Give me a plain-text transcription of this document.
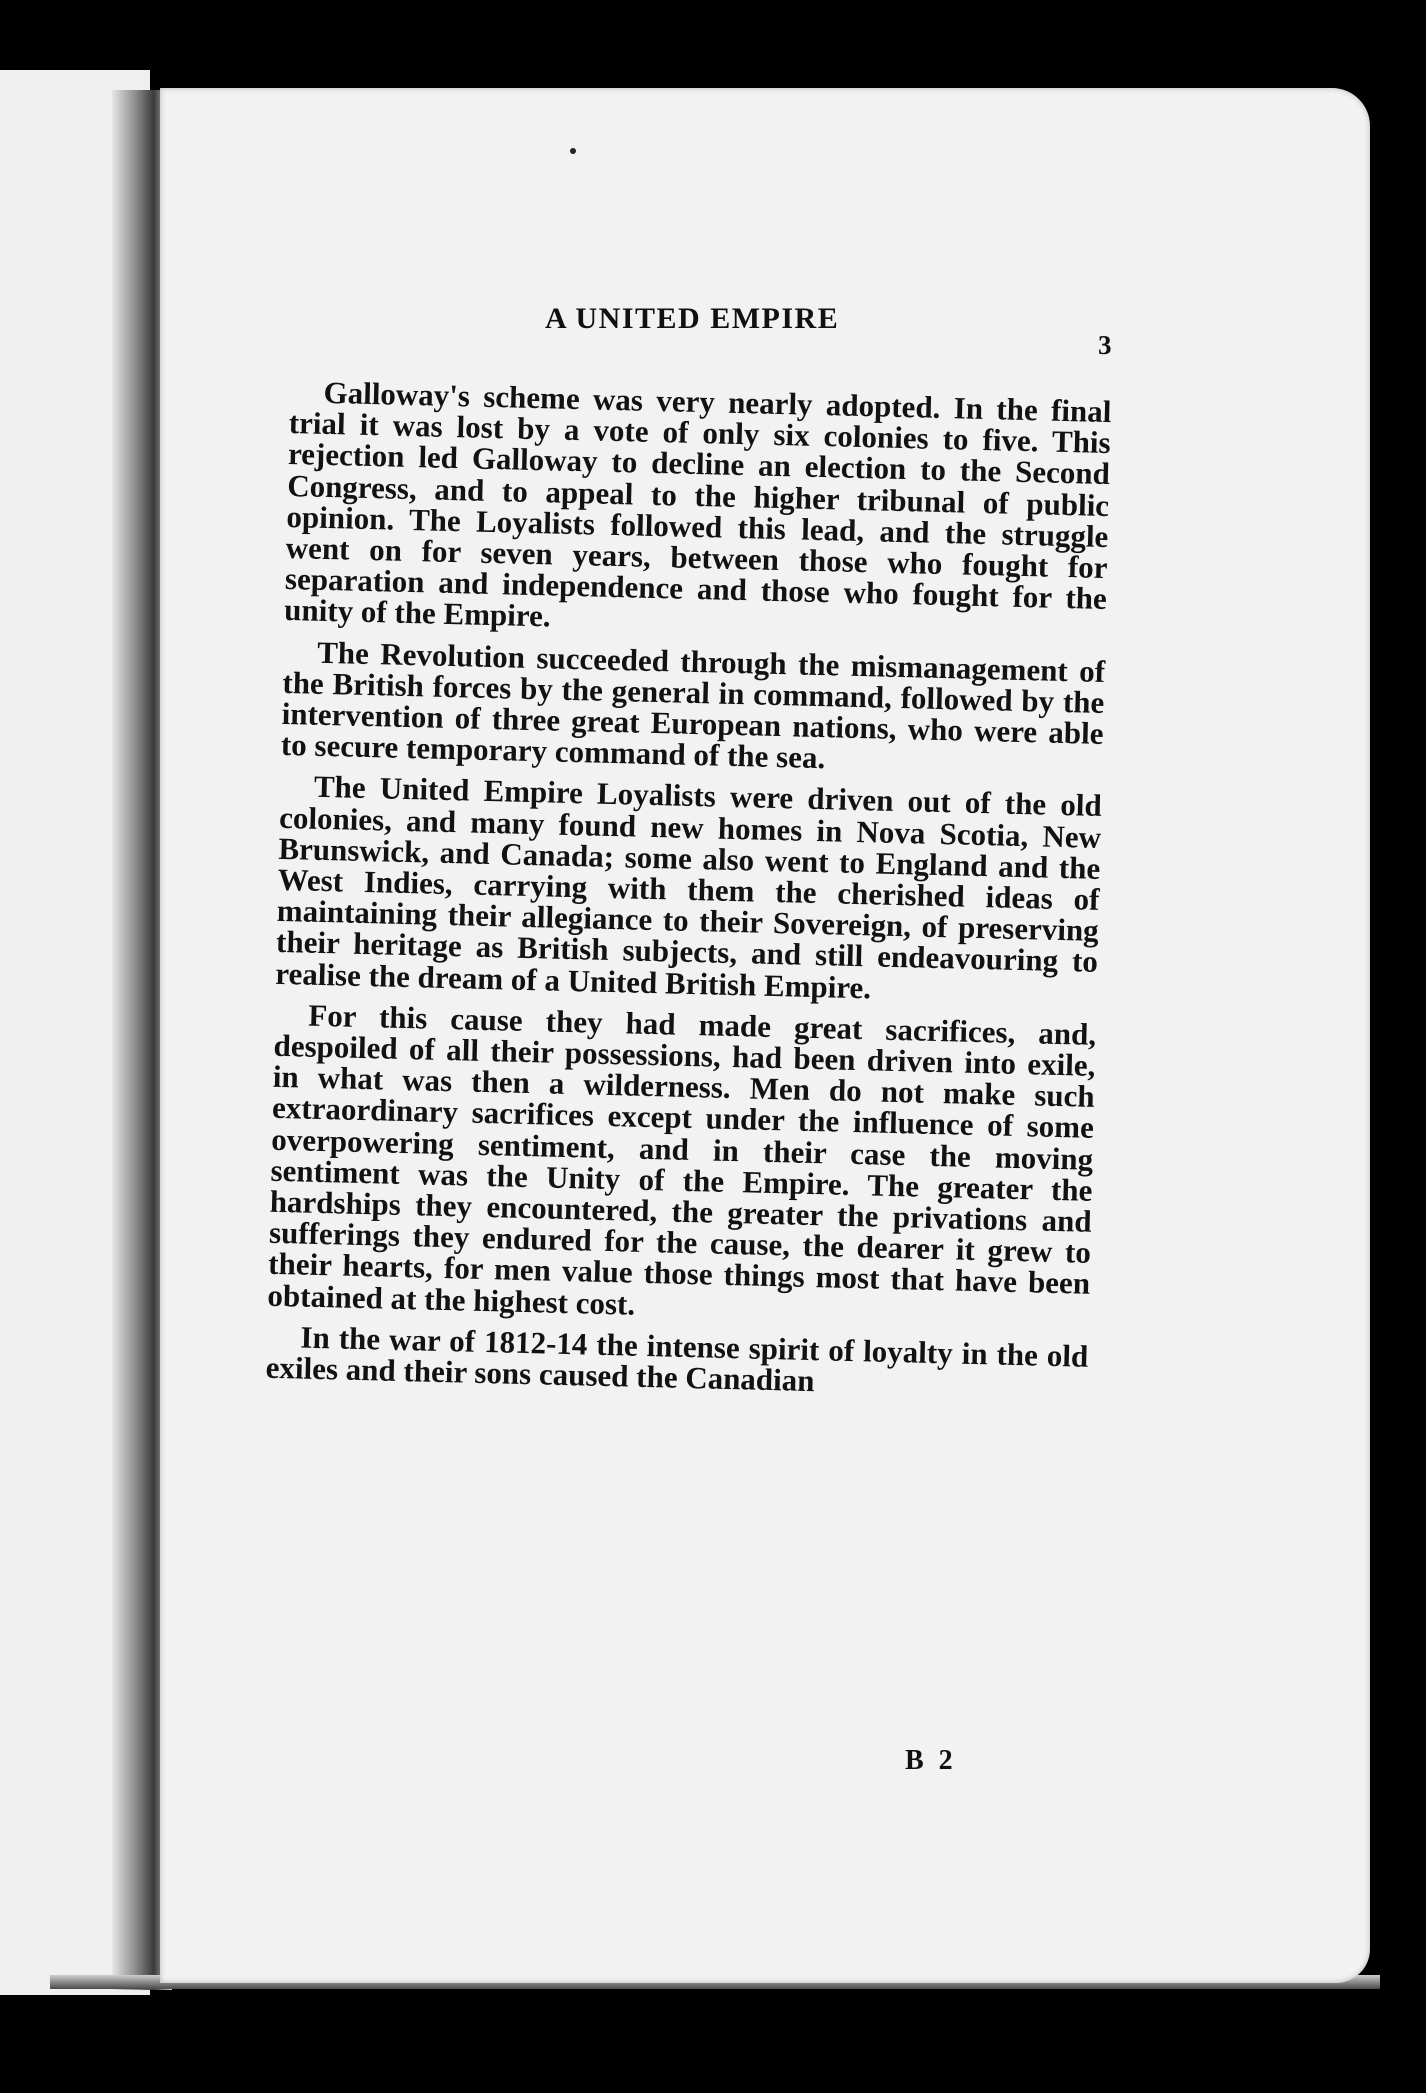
A UNITED EMPIRE
3

Galloway's scheme was very nearly adopted. In the final trial it was lost by a vote of only six colonies to five. This rejection led Galloway to decline an election to the Second Congress, and to appeal to the higher tribunal of public opinion. The Loyalists followed this lead, and the struggle went on for seven years, between those who fought for separation and independence and those who fought for the unity of the Empire.

The Revolution succeeded through the mismanagement of the British forces by the general in command, followed by the intervention of three great European nations, who were able to secure temporary command of the sea.

The United Empire Loyalists were driven out of the old colonies, and many found new homes in Nova Scotia, New Brunswick, and Canada; some also went to England and the West Indies, carrying with them the cherished ideas of maintaining their allegiance to their Sovereign, of preserving their heritage as British subjects, and still endeavouring to realise the dream of a United British Empire.

For this cause they had made great sacrifices, and, despoiled of all their possessions, had been driven into exile, in what was then a wilderness. Men do not make such extraordinary sacrifices except under the influence of some overpowering sentiment, and in their case the moving sentiment was the Unity of the Empire. The greater the hardships they encountered, the greater the privations and sufferings they endured for the cause, the dearer it grew to their hearts, for men value those things most that have been obtained at the highest cost.

In the war of 1812-14 the intense spirit of loyalty in the old exiles and their sons caused the Canadian

B 2
